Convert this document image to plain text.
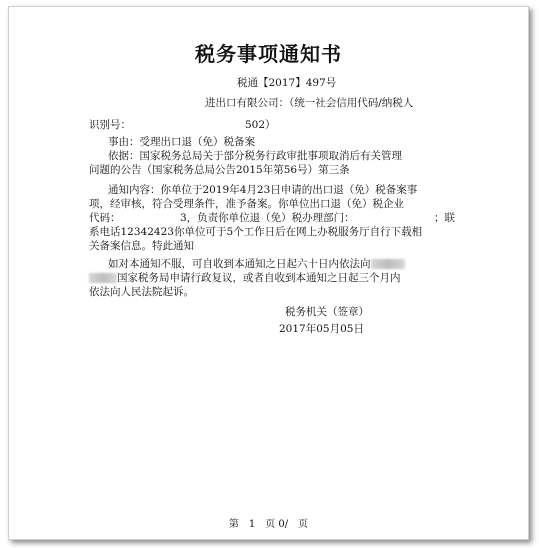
税务事项通知书
税通【2017】497号
进出口有限公司：（统一社会信用代码/纳税人
识别号：	502）
事由：受理出口退（免）税备案
依据：国家税务总局关于部分税务行政审批事项取消后有关管理
问题的公告（国家税务总局公告2015年第56号）第三条
通知内容：你单位于2019年4月23日申请的出口退（免）税备案事
项，经审核，符合受理条件，准予备案。你单位出口退（免）税企业
代码：	3，负责你单位退（免）税办理部门：	；联
系电话12342423你单位可于5个工作日后在网上办税服务厅自行下载相
关备案信息。特此通知
如对本通知不服，可自收到本通知之日起六十日内依法向
国家税务局申请行政复议，或者自收到本通知之日起三个月内
依法向人民法院起诉。
税务机关（签章）
2017年05月05日
第　1　页 0/　页
